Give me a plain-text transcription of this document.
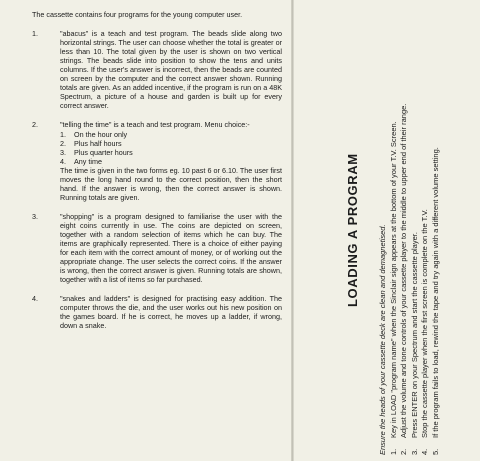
The cassette contains four programs for the young computer user.

1.	"abacus" is a teach and test program. The beads slide along two horizontal strings. The user can choose whether the total is greater or less than 10. The total given by the user is shown on two vertical strings. The beads slide into position to show the tens and units columns. If the user's answer is incorrect, then the beads are counted on screen by the computer and the correct answer shown. Running totals are given. As an added incentive, if the program is run on a 48K Spectrum, a picture of a house and garden is built up for every correct answer.
2.	"telling the time" is a teach and test program. Menu choice:-
1. On the hour only
2. Plus half hours
3. Plus quarter hours
4. Any time
The time is given in the two forms eg. 10 past 6 or 6.10. The user first moves the long hand round to the correct position, then the short hand. If the answer is wrong, then the correct answer is shown. Running totals are given.
3.	"shopping" is a program designed to familiarise the user with the eight coins currently in use. The coins are depicted on screen, together with a random selection of items which he can buy. The items are graphically represented. There is a choice of either paying for each item with the correct amount of money, or of working out the appropriate change. The user selects the correct coins. If the answer is wrong, then the correct answer is given. Running totals are shown, together with a list of items so far purchased.
4.	"snakes and ladders" is designed for practising easy addition. The computer throws the die, and the user works out his new position on the games board. If he is correct, he moves up a ladder, if wrong, down a snake.
LOADING A PROGRAM Ensure the heads of your cassette deck are clean and demagnetised. 1.
Key in LOAD "program name" when the Sinclair sign appears at the bottom of your T.V. Screen.
2.
Adjust the volume and tone controls of your cassette player to the middle to upper end of their range.
3.
Press ENTER on your Spectrum and start the cassette player.
4.
Stop the cassette player when the first screen is complete on the T.V.
5.
If the program fails to load, rewind the tape and try again with a different volume setting.
